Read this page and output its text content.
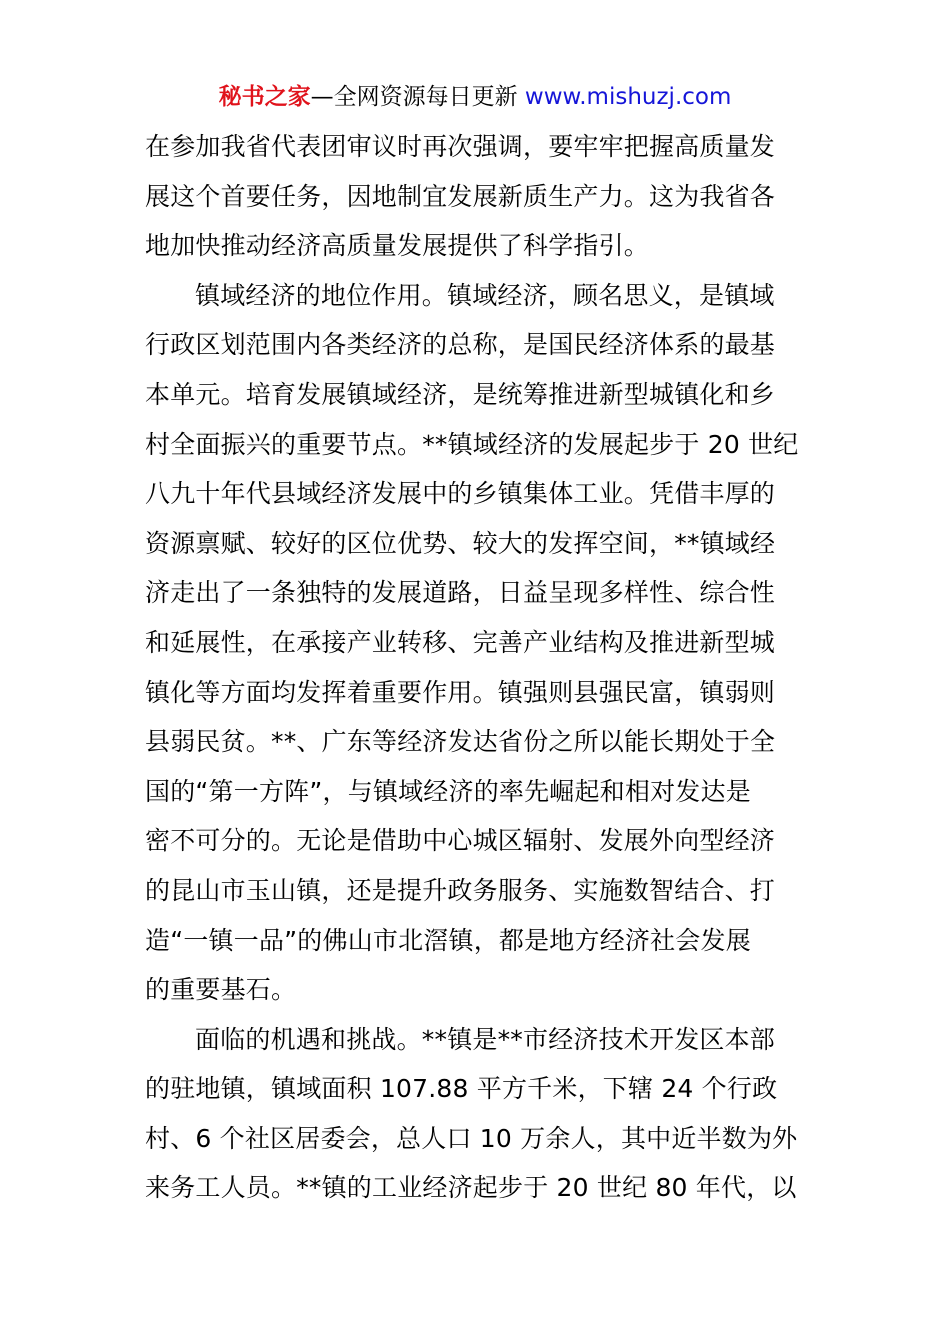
秘书之家—全网资源每日更新 www.mishuzj.com
在参加我省代表团审议时再次强调，要牢牢把握高质量发
展这个首要任务，因地制宜发展新质生产力。这为我省各
地加快推动经济高质量发展提供了科学指引。
镇域经济的地位作用。镇域经济，顾名思义，是镇域
行政区划范围内各类经济的总称，是国民经济体系的最基
本单元。培育发展镇域经济，是统筹推进新型城镇化和乡
村全面振兴的重要节点。**镇域经济的发展起步于 20 世纪
八九十年代县域经济发展中的乡镇集体工业。凭借丰厚的
资源禀赋、较好的区位优势、较大的发挥空间，**镇域经
济走出了一条独特的发展道路，日益呈现多样性、综合性
和延展性，在承接产业转移、完善产业结构及推进新型城
镇化等方面均发挥着重要作用。镇强则县强民富，镇弱则
县弱民贫。**、广东等经济发达省份之所以能长期处于全
国的“第一方阵”，与镇域经济的率先崛起和相对发达是
密不可分的。无论是借助中心城区辐射、发展外向型经济
的昆山市玉山镇，还是提升政务服务、实施数智结合、打
造“一镇一品”的佛山市北滘镇，都是地方经济社会发展
的重要基石。
面临的机遇和挑战。**镇是**市经济技术开发区本部
的驻地镇，镇域面积 107.88 平方千米，下辖 24 个行政
村、6 个社区居委会，总人口 10 万余人，其中近半数为外
来务工人员。**镇的工业经济起步于 20 世纪 80 年代，以
